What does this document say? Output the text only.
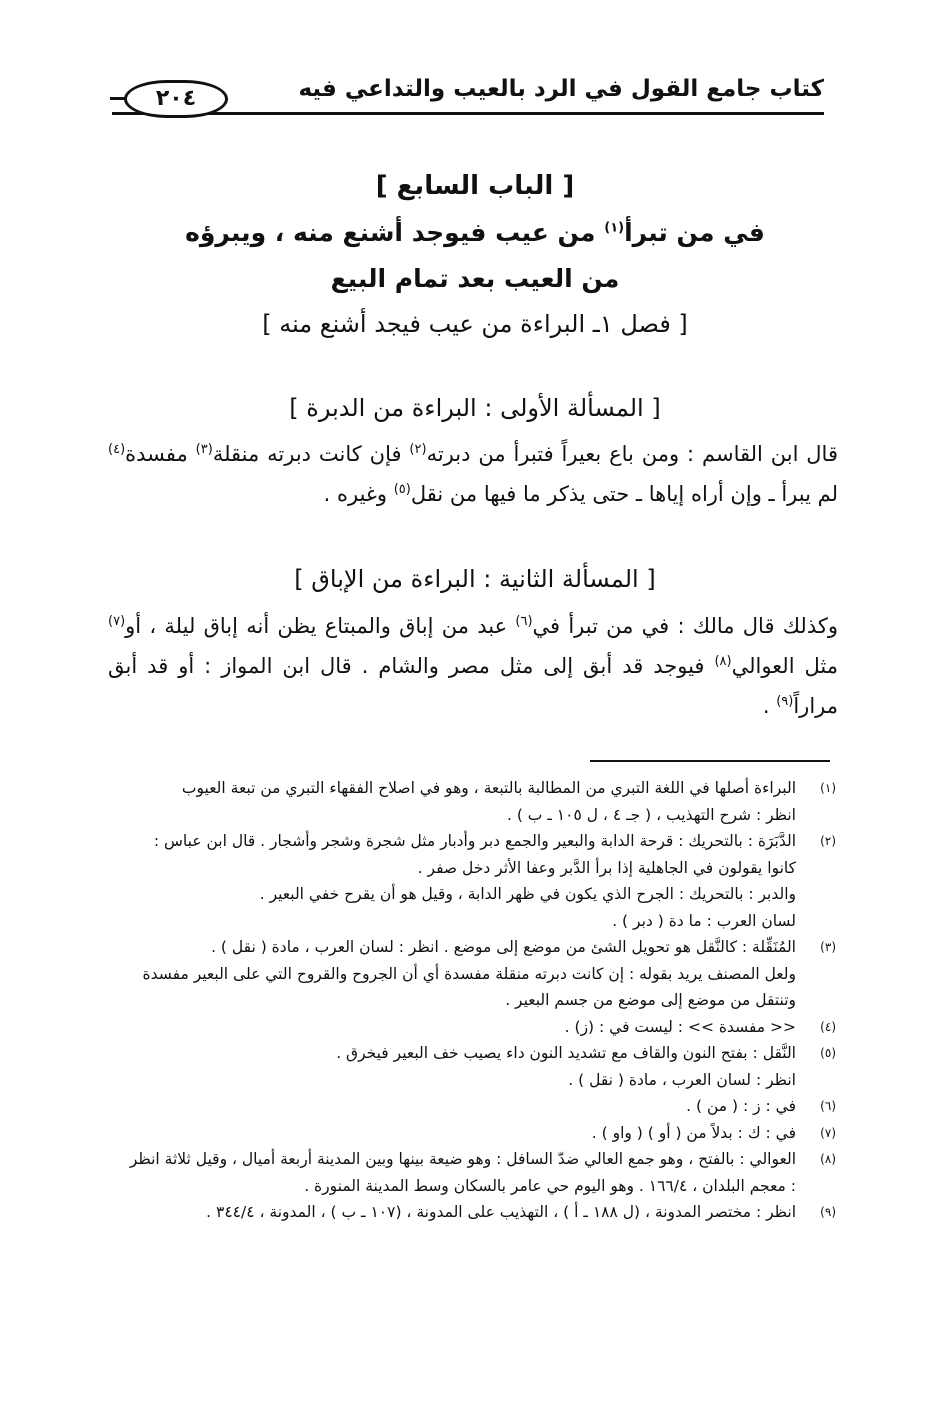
كتاب جامع القول في الرد بالعيب والتداعي فيه
٢٠٤
[ الباب السابع ]
في من تبرأ$^{(١)}$ من عيب فيوجد أشنع منه ، ويبرؤه
من العيب بعد تمام البيع
[ فصل ١ـ البراءة من عيب فيجد أشنع منه ]
[ المسألة الأولى : البراءة من الدبرة ]
قال ابن القاسم : ومن باع بعيراً فتبرأ من دبرته$^{(٢)}$ فإن كانت دبرته منقلة$^{(٣)}$ مفسدة$^{(٤)}$ لم يبرأ ـ وإن أراه إياها ـ حتى يذكر ما فيها من نقل$^{(٥)}$ وغيره .
[ المسألة الثانية : البراءة من الإباق ]
وكذلك قال مالك : في من تبرأ في$^{(٦)}$ عبد من إباق والمبتاع يظن أنه إباق ليلة ، أو$^{(٧)}$ مثل العوالي$^{(٨)}$ فيوجد قد أبق إلى مثل مصر والشام . قال ابن المواز : أو قد أبق مراراً$^{(٩)}$ .
(١)
البراءة أصلها في اللغة التبري من المطالبة بالتبعة ، وهو في اصلاح الفقهاء التبري من تبعة العيوب
انظر : شرح التهذيب ، ( جـ ٤ ، ل ١٠٥ ـ ب ) .
(٢)
الدَّبَرَة : بالتحريك : قرحة الدابة والبعير والجمع دبر وأدبار مثل شجرة وشجر وأشجار . قال ابن عباس :
كانوا يقولون في الجاهلية إذا برأ الدَّبر وعفا الأثر دخل صفر .
والدبر : بالتحريك : الجرح الذي يكون في ظهر الدابة ، وقيل هو أن يقرح خفي البعير .
لسان العرب : ما دة ( دبر ) .
(٣)
المُنَقِّلة : كالنَّقل هو تحويل الشئ من موضع إلى موضع . انظر : لسان العرب ، مادة ( نقل ) .
ولعل المصنف يريد بقوله : إن كانت دبرته منقلة مفسدة أي أن الجروح والقروح التي على البعير مفسدة
وتنتقل من موضع إلى موضع من جسم البعير .
(٤)
<< مفسدة >> : ليست في : (ز) .
(٥)
النَّقل : بفتح النون والقاف مع تشديد النون داء يصيب خف البعير فيخرق .
انظر : لسان العرب ، مادة ( نقل ) .
(٦)
في : ز : ( من ) .
(٧)
في : ك : بدلاً من ( أو ) ( واو ) .
(٨)
العوالي : بالفتح ، وهو جمع العالي ضدّ السافل : وهو ضيعة بينها وبين المدينة أربعة أميال ، وقيل ثلاثة انظر
: معجم البلدان ، ١٦٦/٤ . وهو اليوم حي عامر بالسكان وسط المدينة المنورة .
(٩)
انظر : مختصر المدونة ، (ل ١٨٨ ـ أ ) ، التهذيب على المدونة ، (١٠٧ ـ ب ) ، المدونة ، ٣٤٤/٤ .
